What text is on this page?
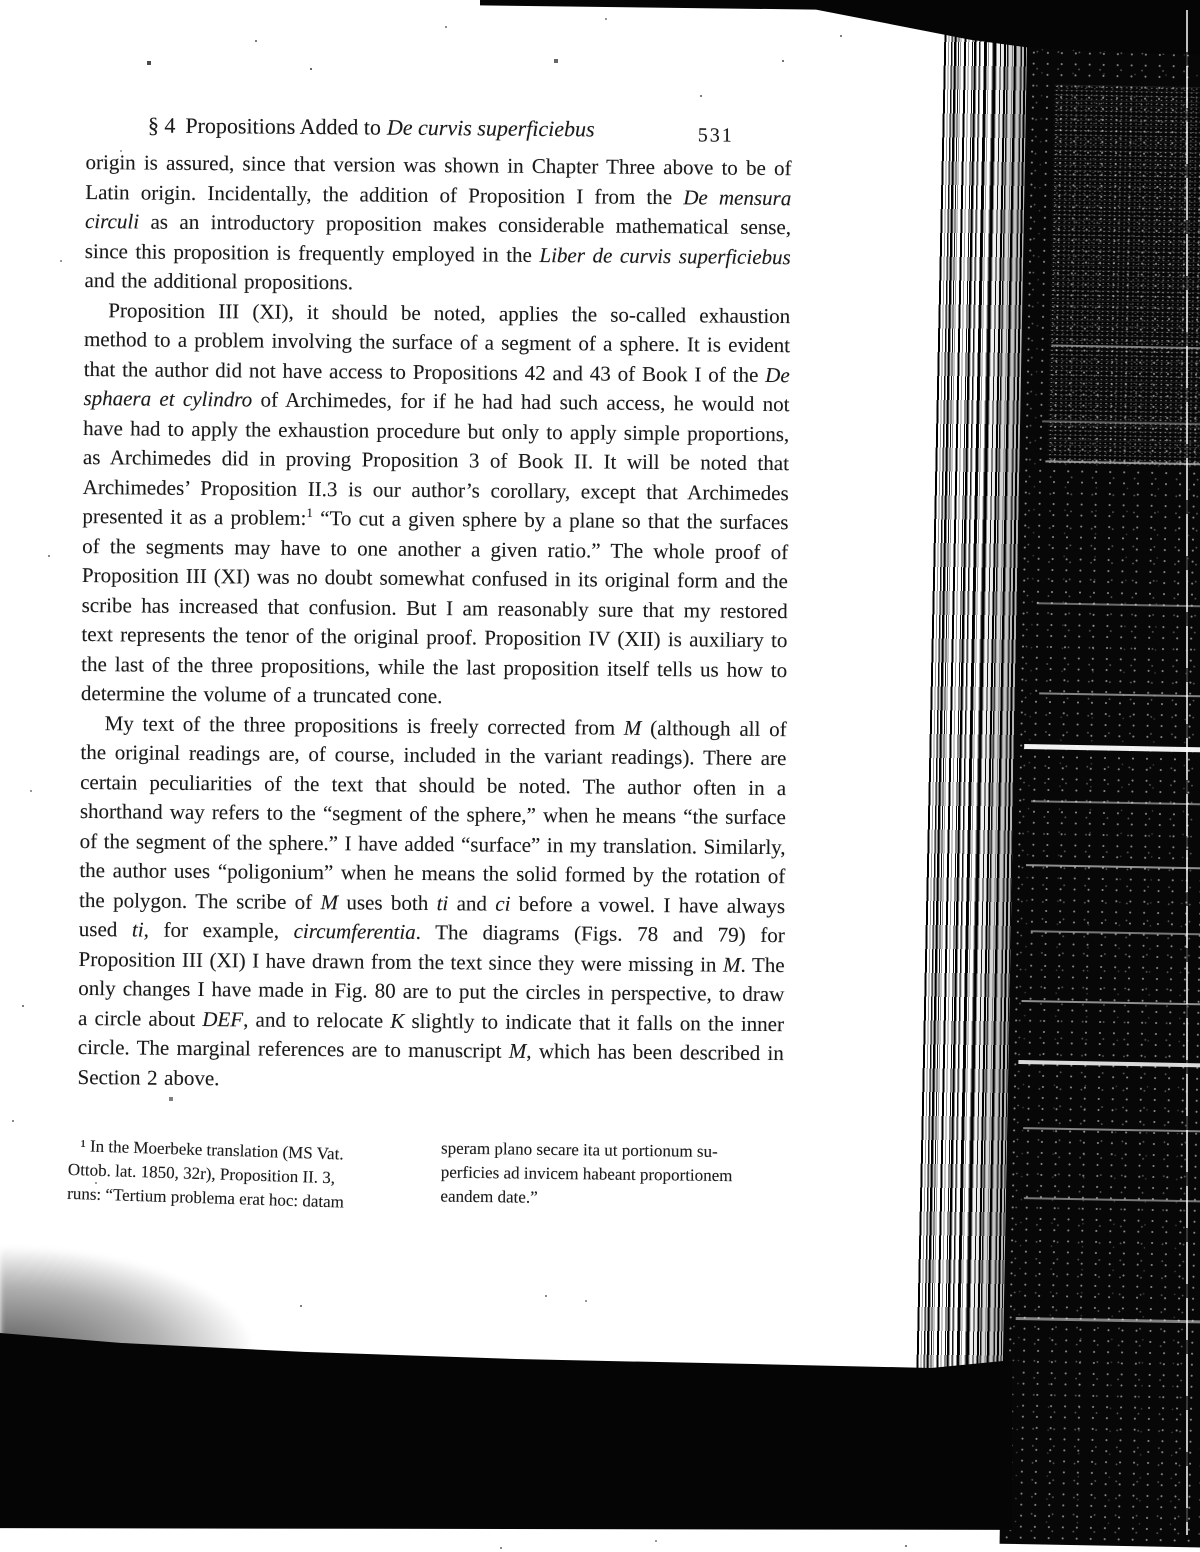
§ 4 Propositions Added to De curvis superficiebus	531

origin is assured, since that version was shown in Chapter Three above to be of Latin origin. Incidentally, the addition of Proposition I from the De mensura circuli as an introductory proposition makes considerable mathematical sense, since this proposition is frequently employed in the Liber de curvis superficiebus and the additional propositions.

Proposition III (XI), it should be noted, applies the so-called exhaustion method to a problem involving the surface of a segment of a sphere. It is evident that the author did not have access to Propositions 42 and 43 of Book I of the De sphaera et cylindro of Archimedes, for if he had had such access, he would not have had to apply the exhaustion procedure but only to apply simple proportions, as Archimedes did in proving Proposition 3 of Book II. It will be noted that Archimedes’ Proposition II.3 is our author’s corollary, except that Archimedes presented it as a problem:$^1$ “To cut a given sphere by a plane so that the surfaces of the segments may have to one another a given ratio.” The whole proof of Proposition III (XI) was no doubt somewhat confused in its original form and the scribe has increased that confusion. But I am reasonably sure that my restored text represents the tenor of the original proof. Proposition IV (XII) is auxiliary to the last of the three propositions, while the last proposition itself tells us how to determine the volume of a truncated cone.

My text of the three propositions is freely corrected from M (although all of the original readings are, of course, included in the variant readings). There are certain peculiarities of the text that should be noted. The author often in a shorthand way refers to the “segment of the sphere,” when he means “the surface of the segment of the sphere.” I have added “surface” in my translation. Similarly, the author uses “poligonium” when he means the solid formed by the rotation of the polygon. The scribe of M uses both ti and ci before a vowel. I have always used ti, for example, circumferentia. The diagrams (Figs. 78 and 79) for Proposition III (XI) I have drawn from the text since they were missing in M. The only changes I have made in Fig. 80 are to put the circles in perspective, to draw a circle about DEF, and to relocate K slightly to indicate that it falls on the inner circle. The marginal references are to manuscript M, which has been described in Section 2 above.

¹ In the Moerbeke translation (MS Vat.
Ottob. lat. 1850, 32r), Proposition II. 3,
runs: “Tertium problema erat hoc: datam
speram plano secare ita ut portionum su-
perficies ad invicem habeant proportionem
eandem date.”
